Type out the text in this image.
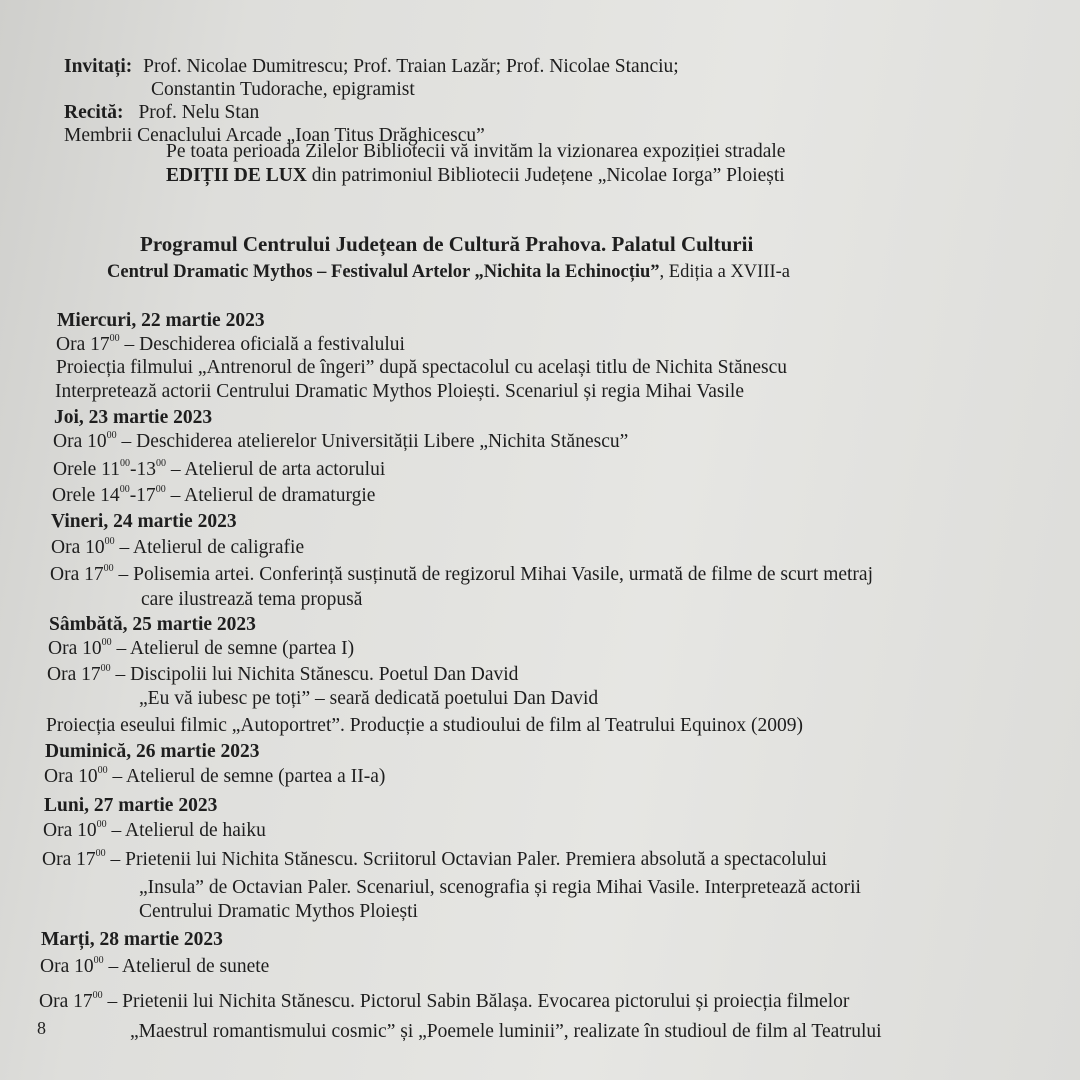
Invitați: Prof. Nicolae Dumitrescu; Prof. Traian Lazăr; Prof. Nicolae Stanciu;
Constantin Tudorache, epigramist
Recită: Prof. Nelu Stan
Membrii Cenaclului Arcade „Ioan Titus Drăghicescu”
Pe toata perioada Zilelor Bibliotecii vă invităm la vizionarea expoziției stradale
EDIȚII DE LUX din patrimoniul Bibliotecii Județene „Nicolae Iorga” Ploiești
Programul Centrului Județean de Cultură Prahova. Palatul Culturii
Centrul Dramatic Mythos – Festivalul Artelor „Nichita la Echinocțiu”, Ediția a XVIII-a
Miercuri, 22 martie 2023
Ora $17^{00}$ – Deschiderea oficială a festivalului
Proiecția filmului „Antrenorul de îngeri” după spectacolul cu același titlu de Nichita Stănescu
Interpretează actorii Centrului Dramatic Mythos Ploiești. Scenariul și regia Mihai Vasile
Joi, 23 martie 2023
Ora $10^{00}$ – Deschiderea atelierelor Universității Libere „Nichita Stănescu”
Orele $11^{00}-13^{00}$ – Atelierul de arta actorului
Orele $14^{00}-17^{00}$ – Atelierul de dramaturgie
Vineri, 24 martie 2023
Ora $10^{00}$ – Atelierul de caligrafie
Ora $17^{00}$ – Polisemia artei. Conferință susținută de regizorul Mihai Vasile, urmată de filme de scurt metraj
care ilustrează tema propusă
Sâmbătă, 25 martie 2023
Ora $10^{00}$ – Atelierul de semne (partea I)
Ora $17^{00}$ – Discipolii lui Nichita Stănescu. Poetul Dan David
„Eu vă iubesc pe toți” – seară dedicată poetului Dan David
Proiecția eseului filmic „Autoportret”. Producție a studioului de film al Teatrului Equinox (2009)
Duminică, 26 martie 2023
Ora $10^{00}$ – Atelierul de semne (partea a II-a)
Luni, 27 martie 2023
Ora $10^{00}$ – Atelierul de haiku
Ora $17^{00}$ – Prietenii lui Nichita Stănescu. Scriitorul Octavian Paler. Premiera absolută a spectacolului
„Insula” de Octavian Paler. Scenariul, scenografia și regia Mihai Vasile. Interpretează actorii
Centrului Dramatic Mythos Ploiești
Marți, 28 martie 2023
Ora $10^{00}$ – Atelierul de sunete
Ora $17^{00}$ – Prietenii lui Nichita Stănescu. Pictorul Sabin Bălașa. Evocarea pictorului și proiecția filmelor
„Maestrul romantismului cosmic” și „Poemele luminii”, realizate în studioul de film al Teatrului
8
